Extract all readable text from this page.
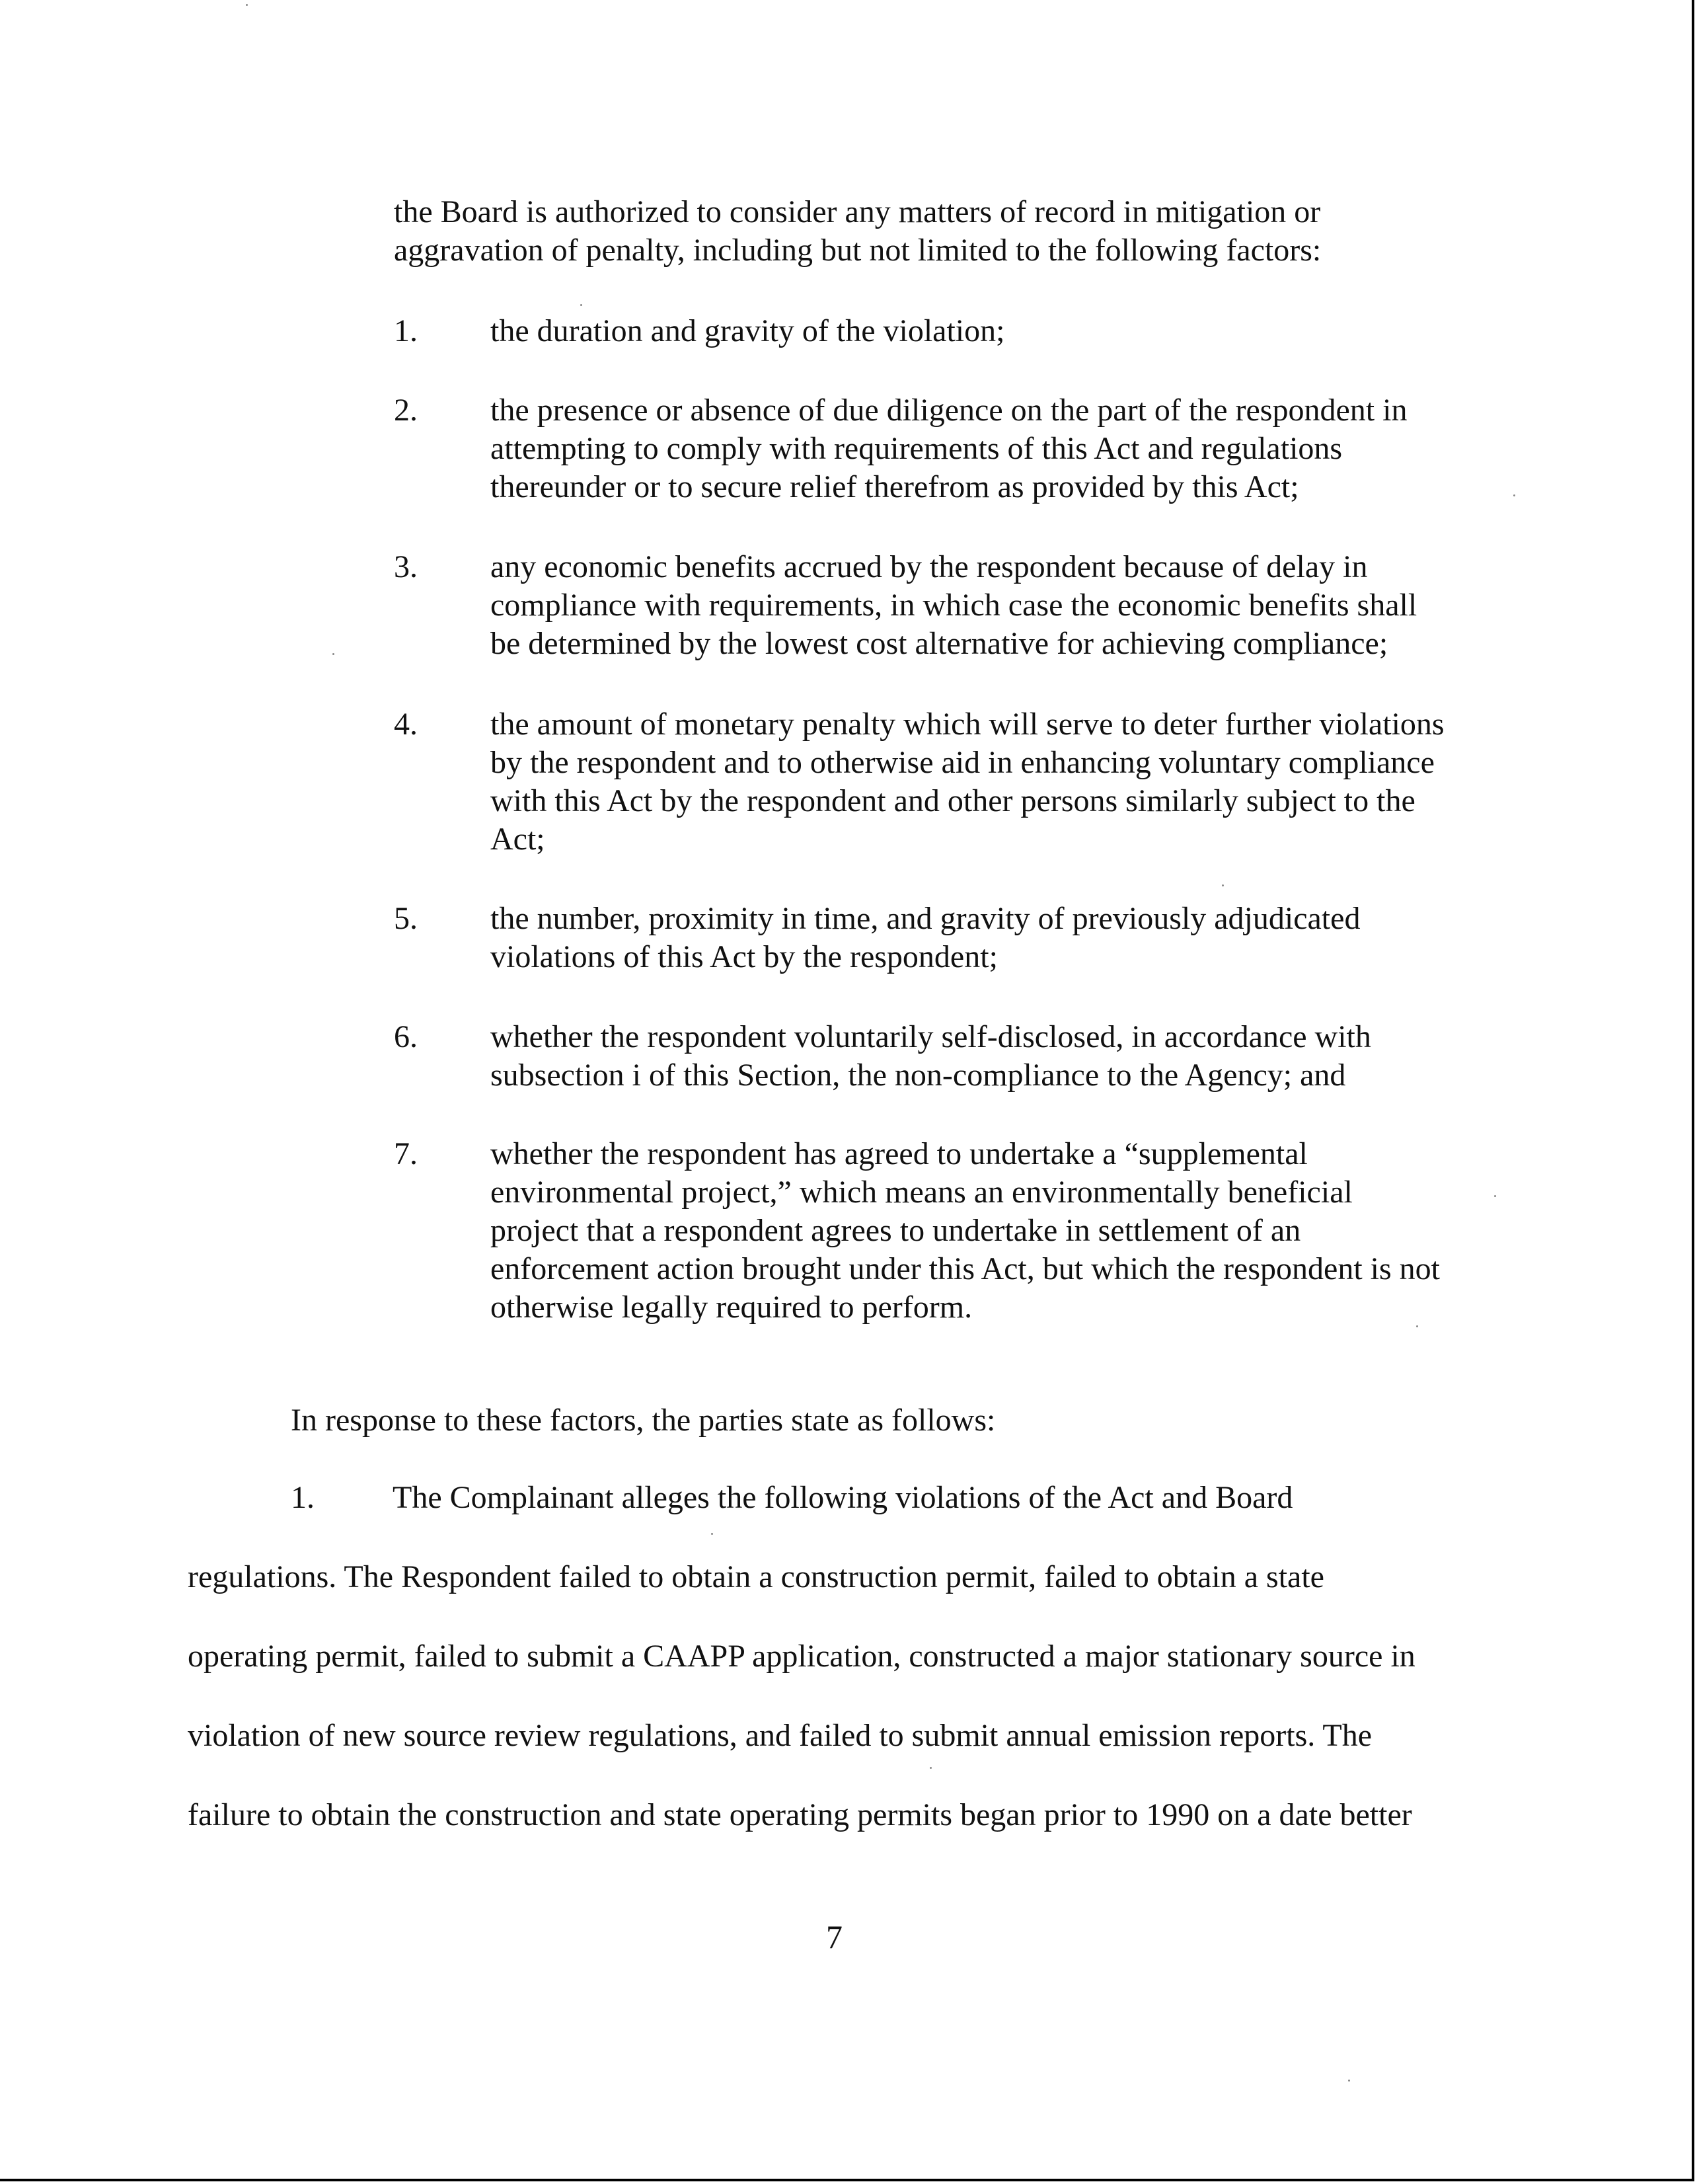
the Board is authorized to consider any matters of record in mitigation or
aggravation of penalty, including but not limited to the following factors:
1. the duration and gravity of the violation;
2. the presence or absence of due diligence on the part of the respondent in
attempting to comply with requirements of this Act and regulations
thereunder or to secure relief therefrom as provided by this Act;
3. any economic benefits accrued by the respondent because of delay in
compliance with requirements, in which case the economic benefits shall
be determined by the lowest cost alternative for achieving compliance;
4. the amount of monetary penalty which will serve to deter further violations
by the respondent and to otherwise aid in enhancing voluntary compliance
with this Act by the respondent and other persons similarly subject to the
Act;
5. the number, proximity in time, and gravity of previously adjudicated
violations of this Act by the respondent;
6. whether the respondent voluntarily self-disclosed, in accordance with
subsection i of this Section, the non-compliance to the Agency; and
7. whether the respondent has agreed to undertake a “supplemental
environmental project,” which means an environmentally beneficial
project that a respondent agrees to undertake in settlement of an
enforcement action brought under this Act, but which the respondent is not
otherwise legally required to perform.
In response to these factors, the parties state as follows:
1. The Complainant alleges the following violations of the Act and Board
regulations. The Respondent failed to obtain a construction permit, failed to obtain a state
operating permit, failed to submit a CAAPP application, constructed a major stationary source in
violation of new source review regulations, and failed to submit annual emission reports. The
failure to obtain the construction and state operating permits began prior to 1990 on a date better
7
